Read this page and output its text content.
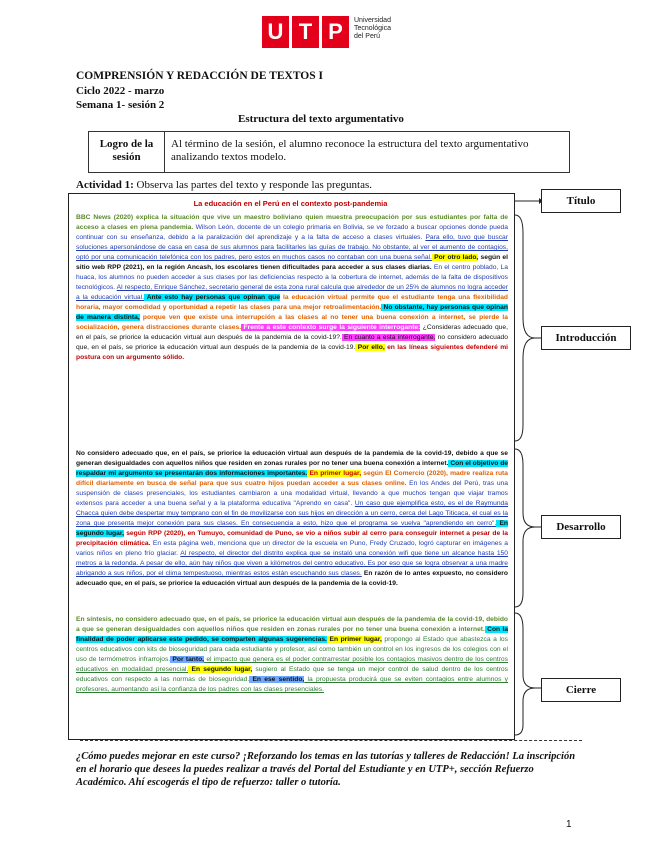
U T P	Universidad
Tecnológica
del Perú
COMPRENSIÓN Y REDACCIÓN DE TEXTOS I
Ciclo 2022 - marzo
Semana 1- sesión 2
Estructura del texto argumentativo
Logro de la sesión
Al término de la sesión, el alumno reconoce la estructura del texto argumentativo analizando textos modelo.
Actividad 1: Observa las partes del texto y responde las preguntas.
La educación en el Perú en el contexto post-pandemia
BBC News (2020) explica la situación que vive un maestro boliviano quien muestra preocupación por sus estudiantes por falta de acceso a clases en plena pandemia. Wilson León, docente de un colegio primaria en Bolivia, se ve forzado a buscar opciones donde pueda continuar con su enseñanza, debido a la paralización del aprendizaje y a la falta de acceso a clases virtuales. Para ello, tuvo que buscar soluciones apersonándose de casa en casa de sus alumnos para facilitarles las guías de trabajo. No obstante, al ver el aumento de contagios, optó por una comunicación telefónica con los padres, pero estos en muchos casos no contaban con una buena señal. Por otro lado, según el sitio web RPP (2021), en la región Ancash, los escolares tienen dificultades para acceder a sus clases diarias. En el centro poblado, La huaca, los alumnos no pueden acceder a sus clases por las deficiencias respecto a la cobertura de internet, además de la falta de dispositivos tecnológicos. Al respecto, Enrique Sánchez, secretario general de esta zona rural calcula que alrededor de un 25% de alumnos no logra acceder a la educación virtual. Ante esto hay personas que opinan que la educación virtual permite que el estudiante tenga una flexibilidad horaria, mayor comodidad y oportunidad a repetir las clases para una mejor retroalimentación. No obstante, hay personas que opinan de manera distinta, porque ven que existe una interrupción a las clases al no tener una buena conexión a internet, se pierde la socialización, genera distracciones durante clases. Frente a este contexto surge la siguiente interrogante: ¿Consideras adecuado que, en el país, se priorice la educación virtual aun después de la pandemia de la covid-19?. En cuanto a esta interrogante, no considero adecuado que, en el país, se priorice la educación virtual aun después de la pandemia de la covid-19. Por ello, en las líneas siguientes defenderé mi postura con un argumento sólido.
No considero adecuado que, en el país, se priorice la educación virtual aun después de la pandemia de la covid-19, debido a que se generan desigualdades con aquellos niños que residen en zonas rurales por no tener una buena conexión a internet. Con el objetivo de respaldar mi argumento se presentarán dos informaciones importantes. En primer lugar, según El Comercio (2020), madre realiza ruta difícil diariamente en busca de señal para que sus cuatro hijos puedan acceder a sus clases online. En los Andes del Perú, tras una suspensión de clases presenciales, los estudiantes cambiaron a una modalidad virtual, llevando a que muchos tengan que viajar tramos extensos para acceder a una buena señal y a la plataforma educativa "Aprendo en casa". Un caso que ejemplifica esto, es el de Raymunda Chacca quien debe despertar muy temprano con el fin de movilizarse con sus hijos en dirección a un cerro, cerca del Lago Titicaca, el cual es la zona que presenta mejor conexión para sus clases. En consecuencia a esto, hizo que el programa se vuelva "aprendiendo en cerro". En segundo lugar, según RPP (2020), en Tumuyo, comunidad de Puno, se vio a niños subir al cerro para conseguir internet a pesar de la precipitación climática. En esta página web, menciona que un director de la escuela en Puno, Fredy Cruzado, logró capturar en imágenes a varios niños en pleno frío glaciar. Al respecto, el director del distrito explica que se instaló una conexión wifi que tiene un alcance hasta 150 metros a la redonda. A pesar de ello, aún hay niños que viven a kilómetros del centro educativo. Es por eso que se logra observar a una madre abrigando a sus niños, por el clima tempestuoso, mientras estos están escuchando sus clases. En razón de lo antes expuesto, no considero adecuado que, en el país, se priorice la educación virtual aun después de la pandemia de la covid-19.
En síntesis, no considero adecuado que, en el país, se priorice la educación virtual aun después de la pandemia de la covid-19, debido a que se generan desigualdades con aquellos niños que residen en zonas rurales por no tener una buena conexión a internet. Con la finalidad de poder aplicarse este pedido, se comparten algunas sugerencias. En primer lugar, propongo al Estado que abastezca a los centros educativos con kits de bioseguridad para cada estudiante y profesor, así como también un control en los ingresos de los colegios con el uso de termómetros infrarrojos. Por tanto, el impacto que genera es el poder contrarrestar posible los contagios masivos dentro de los centros educativos en modalidad presencial. En segundo lugar, sugiero al Estado que se tenga un mejor control de salud dentro de los centros educativos con respecto a las normas de bioseguridad. En ese sentido, la propuesta producirá que se eviten contagios entre alumnos y profesores, aumentando así la confianza de los padres con las clases presenciales.
Título
Introducción
Desarrollo
Cierre
¿Cómo puedes mejorar en este curso? ¡Reforzando los temas en las tutorías y talleres de Redacción! La inscripción en el horario que desees la puedes realizar a través del Portal del Estudiante y en UTP+, sección Refuerzo Académico. Ahí escogerás el tipo de refuerzo: taller o tutoría.
1
